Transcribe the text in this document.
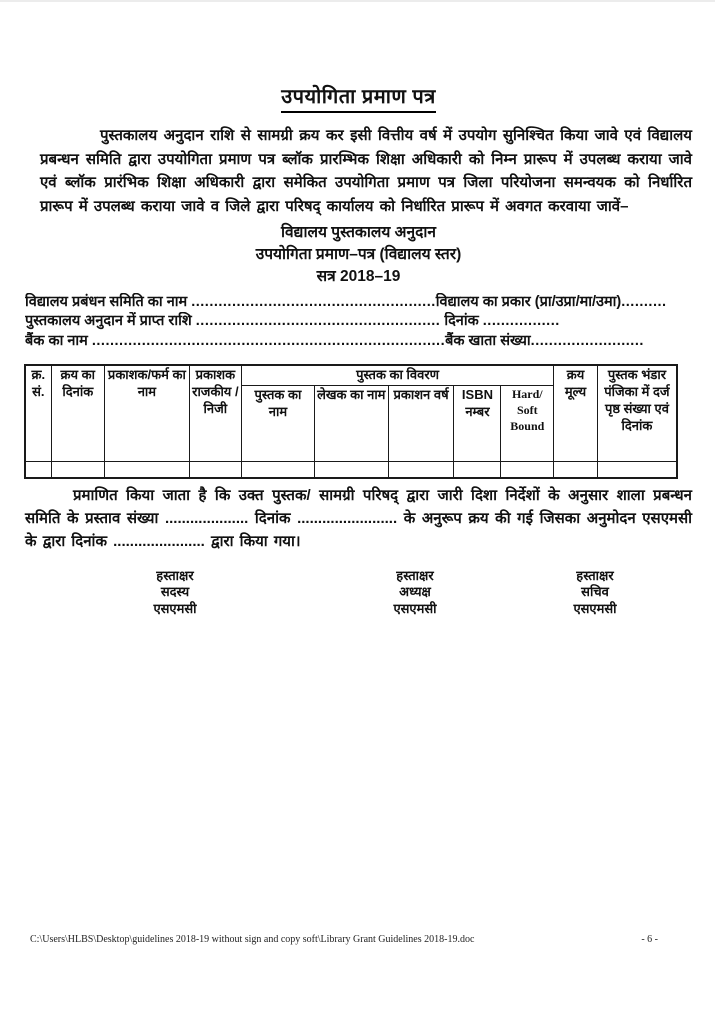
उपयोगिता प्रमाण पत्र

पुस्तकालय अनुदान राशि से सामग्री क्रय कर इसी वित्तीय वर्ष में उपयोग सुनिश्चित किया जावे एवं विद्यालय प्रबन्धन समिति द्वारा उपयोगिता प्रमाण पत्र ब्लॉक प्रारम्भिक शिक्षा अधिकारी को निम्न प्रारूप में उपलब्ध कराया जावे एवं ब्लॉक प्रारंभिक शिक्षा अधिकारी द्वारा समेकित उपयोगिता प्रमाण पत्र जिला परियोजना समन्वयक को निर्धारित प्रारूप में उपलब्ध कराया जावे व जिले द्वारा परिषद् कार्यालय को निर्धारित प्रारूप में अवगत करवाया जावें–

विद्यालय पुस्तकालय अनुदान
उपयोगिता प्रमाण–पत्र (विद्यालय स्तर)
सत्र 2018–19
विद्यालय प्रबंधन समिति का नाम ......................................................विद्यालय का प्रकार (प्रा/उप्रा/मा/उमा)..........
पुस्तकालय अनुदान में प्राप्त राशि ...................................................... दिनांक .................
बैंक का नाम ..............................................................................बैंक खाता संख्या.........................
क्र. सं.	क्रय का दिनांक	प्रकाशक/फर्म का नाम	प्रकाशक राजकीय / निजी	पुस्तक का विवरण					क्रय मूल्य	पुस्तक भंडार पंजिका में दर्ज पृष्ठ संख्या एवं दिनांक
				पुस्तक का नाम	लेखक का नाम	प्रकाशन वर्ष	ISBN नम्बर	Hard/ Soft Bound		

प्रमाणित किया जाता है कि उक्त पुस्तक/ सामग्री परिषद् द्वारा जारी दिशा निर्देशों के अनुसार शाला प्रबन्धन समिति के प्रस्ताव संख्या .................... दिनांक ........................ के अनुरूप क्रय की गई जिसका अनुमोदन एसएमसी के द्वारा दिनांक ...................... द्वारा किया गया।

हस्ताक्षर
सदस्य
एसएमसी
हस्ताक्षर
अध्यक्ष
एसएमसी
हस्ताक्षर
सचिव
एसएमसी
C:\Users\HLBS\Desktop\guidelines 2018-19 without sign and copy soft\Library Grant Guidelines 2018-19.doc	- 6 -
